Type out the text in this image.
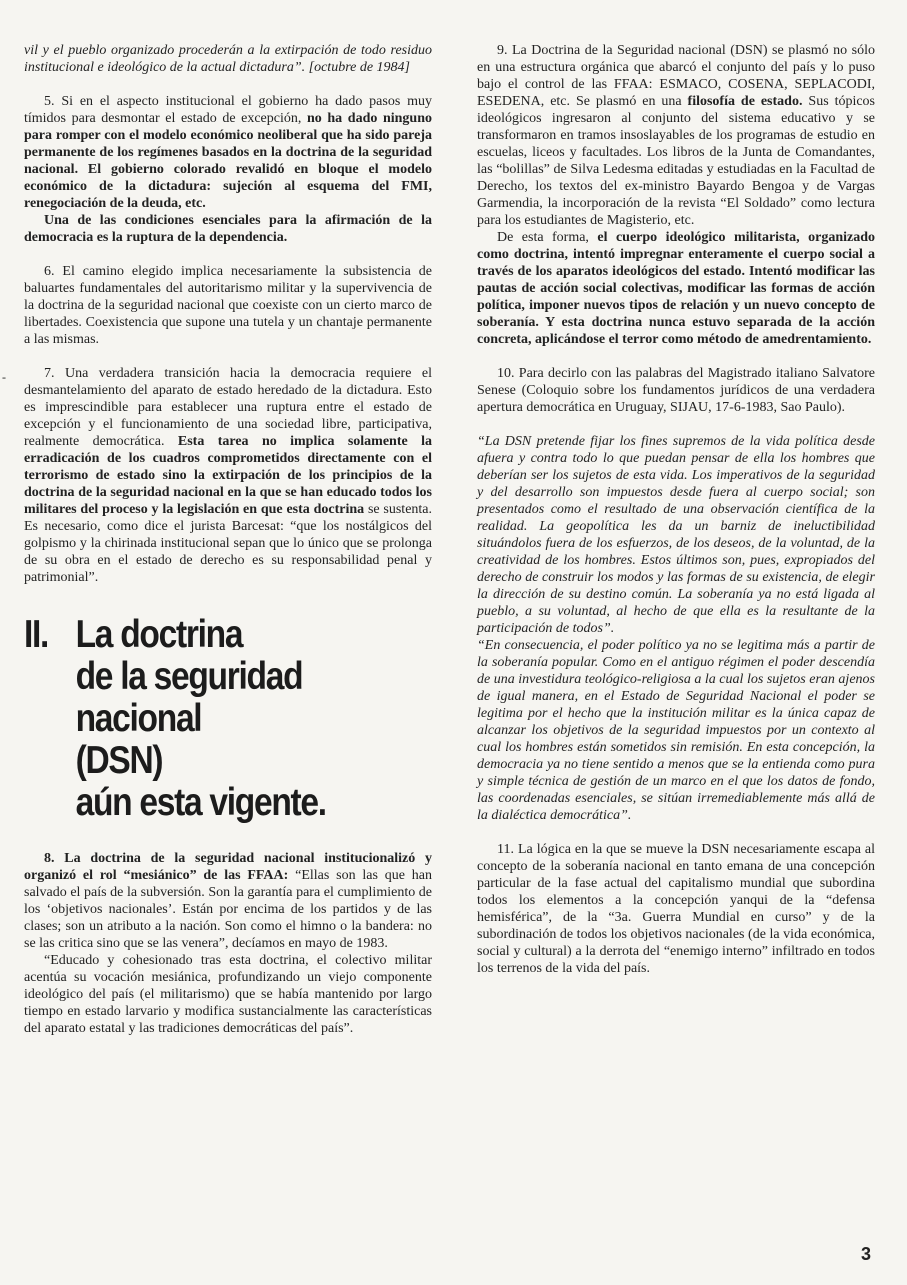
-

vil y el pueblo organizado procederán a la extirpación de todo residuo institucional e ideológico de la actual dictadura”. [octubre de 1984]

5. Si en el aspecto institucional el gobierno ha dado pasos muy tímidos para desmontar el estado de excepción, no ha dado ninguno para romper con el modelo económico neoliberal que ha sido pareja permanente de los regímenes basados en la doctrina de la seguridad nacional. El gobierno colorado revalidó en bloque el modelo económico de la dictadura: sujeción al esquema del FMI, renegociación de la deuda, etc.

Una de las condiciones esenciales para la afirmación de la democracia es la ruptura de la dependencia.

6. El camino elegido implica necesariamente la subsistencia de baluartes fundamentales del autoritarismo militar y la supervivencia de la doctrina de la seguridad nacional que coexiste con un cierto marco de libertades. Coexistencia que supone una tutela y un chantaje permanente a las mismas.

7. Una verdadera transición hacia la democracia requiere el desmantelamiento del aparato de estado heredado de la dictadura. Esto es imprescindible para establecer una ruptura entre el estado de excepción y el funcionamiento de una sociedad libre, participativa, realmente democrática. Esta tarea no implica solamente la erradicación de los cuadros comprometidos directamente con el terrorismo de estado sino la extirpación de los principios de la doctrina de la seguridad nacional en la que se han educado todos los militares del proceso y la legislación en que esta doctrina se sustenta. Es necesario, como dice el jurista Barcesat: “que los nostálgicos del golpismo y la chirinada institucional sepan que lo único que se prolonga de su obra en el estado de derecho es su responsabilidad penal y patrimonial”.

II. La doctrina
de la seguridad nacional
(DSN)
aún esta vigente.

8. La doctrina de la seguridad nacional institucionalizó y organizó el rol “mesiánico” de las FFAA: “Ellas son las que han salvado el país de la subversión. Son la garantía para el cumplimiento de los ‘objetivos nacionales’. Están por encima de los partidos y de las clases; son un atributo a la nación. Son como el himno o la bandera: no se las critica sino que se las venera”, decíamos en mayo de 1983.

“Educado y cohesionado tras esta doctrina, el colectivo militar acentúa su vocación mesiánica, profundizando un viejo componente ideológico del país (el militarismo) que se había mantenido por largo tiempo en estado larvario y modifica sustancialmente las características del aparato estatal y las tradiciones democráticas del país”.

9. La Doctrina de la Seguridad nacional (DSN) se plasmó no sólo en una estructura orgánica que abarcó el conjunto del país y lo puso bajo el control de las FFAA: ESMACO, COSENA, SEPLACODI, ESEDENA, etc. Se plasmó en una filosofía de estado. Sus tópicos ideológicos ingresaron al conjunto del sistema educativo y se transformaron en tramos insoslayables de los programas de estudio en escuelas, liceos y facultades. Los libros de la Junta de Comandantes, las “bolillas” de Silva Ledesma editadas y estudiadas en la Facultad de Derecho, los textos del ex-ministro Bayardo Bengoa y de Vargas Garmendia, la incorporación de la revista “El Soldado” como lectura para los estudiantes de Magisterio, etc.

De esta forma, el cuerpo ideológico militarista, organizado como doctrina, intentó impregnar enteramente el cuerpo social a través de los aparatos ideológicos del estado. Intentó modificar las pautas de acción social colectivas, modificar las formas de acción política, imponer nuevos tipos de relación y un nuevo concepto de soberanía. Y esta doctrina nunca estuvo separada de la acción concreta, aplicándose el terror como método de amedrentamiento.

10. Para decirlo con las palabras del Magistrado italiano Salvatore Senese (Coloquio sobre los fundamentos jurídicos de una verdadera apertura democrática en Uruguay, SIJAU, 17-6-1983, Sao Paulo).

“La DSN pretende fijar los fines supremos de la vida política desde afuera y contra todo lo que puedan pensar de ella los hombres que deberían ser los sujetos de esta vida. Los imperativos de la seguridad y del desarrollo son impuestos desde fuera al cuerpo social; son presentados como el resultado de una observación científica de la realidad. La geopolítica les da un barniz de ineluctibilidad situándolos fuera de los esfuerzos, de los deseos, de la voluntad, de la creatividad de los hombres. Estos últimos son, pues, expropiados del derecho de construir los modos y las formas de su existencia, de elegir la dirección de su destino común. La soberanía ya no está ligada al pueblo, a su voluntad, al hecho de que ella es la resultante de la participación de todos”.

“En consecuencia, el poder político ya no se legitima más a partir de la soberanía popular. Como en el antiguo régimen el poder descendía de una investidura teológico-religiosa a la cual los sujetos eran ajenos de igual manera, en el Estado de Seguridad Nacional el poder se legitima por el hecho que la institución militar es la única capaz de alcanzar los objetivos de la seguridad impuestos por un contexto al cual los hombres están sometidos sin remisión. En esta concepción, la democracia ya no tiene sentido a menos que se la entienda como pura y simple técnica de gestión de un marco en el que los datos de fondo, las coordenadas esenciales, se sitúan irremediablemente más allá de la dialéctica democrática”.

11. La lógica en la que se mueve la DSN necesariamente escapa al concepto de la soberanía nacional en tanto emana de una concepción particular de la fase actual del capitalismo mundial que subordina todos los elementos a la concepción yanqui de la “defensa hemisférica”, de la “3a. Guerra Mundial en curso” y de la subordinación de todos los objetivos nacionales (de la vida económica, social y cultural) a la derrota del “enemigo interno” infiltrado en todos los terrenos de la vida del país.

3
